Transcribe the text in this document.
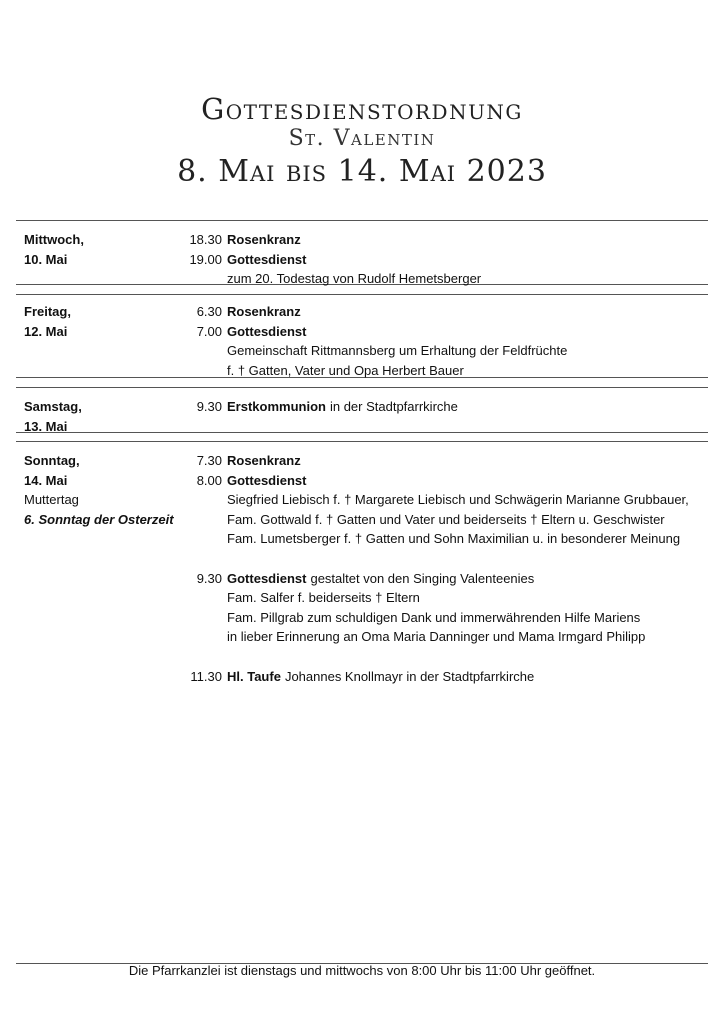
Gottesdienstordnung
St. Valentin
8. Mai bis 14. Mai 2023
Mittwoch,
10. Mai
18.30 Rosenkranz
19.00 Gottesdienst
zum 20. Todestag von Rudolf Hemetsberger
Freitag,
12. Mai
6.30 Rosenkranz
7.00 Gottesdienst
Gemeinschaft Rittmannsberg um Erhaltung der Feldfrüchte
f. † Gatten, Vater und Opa Herbert Bauer
Samstag,
13. Mai
9.30 Erstkommunion in der Stadtpfarrkirche
Sonntag,
14. Mai
Muttertag
6. Sonntag der Osterzeit
7.30 Rosenkranz
8.00 Gottesdienst
Siegfried Liebisch f. † Margarete Liebisch und Schwägerin Marianne Grubbauer,
Fam. Gottwald f. † Gatten und Vater und beiderseits † Eltern u. Geschwister
Fam. Lumetsberger f. † Gatten und Sohn Maximilian u. in besonderer Meinung
9.30 Gottesdienst gestaltet von den Singing Valenteenies
Fam. Salfer f. beiderseits † Eltern
Fam. Pillgrab zum schuldigen Dank und immerwährenden Hilfe Mariens
in lieber Erinnerung an Oma Maria Danninger und Mama Irmgard Philipp
11.30 Hl. Taufe Johannes Knollmayr in der Stadtpfarrkirche
Die Pfarrkanzlei ist dienstags und mittwochs von 8:00 Uhr bis 11:00 Uhr geöffnet.
